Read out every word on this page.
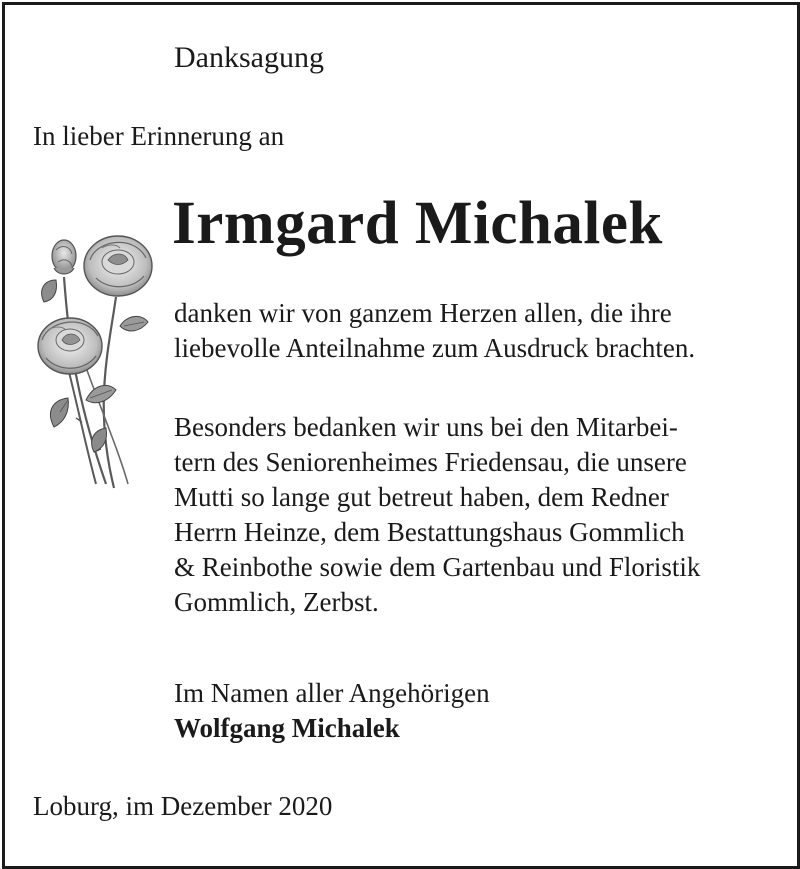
Danksagung
In lieber Erinnerung an
Irmgard Michalek
danken wir von ganzem Herzen allen, die ihre
liebevolle Anteilnahme zum Ausdruck brachten.
Besonders bedanken wir uns bei den Mitarbei-
tern des Seniorenheimes Friedensau, die unsere
Mutti so lange gut betreut haben, dem Redner
Herrn Heinze, dem Bestattungshaus Gommlich
& Reinbothe sowie dem Gartenbau und Floristik
Gommlich, Zerbst.
Im Namen aller Angehörigen
Wolfgang Michalek
Loburg, im Dezember 2020
